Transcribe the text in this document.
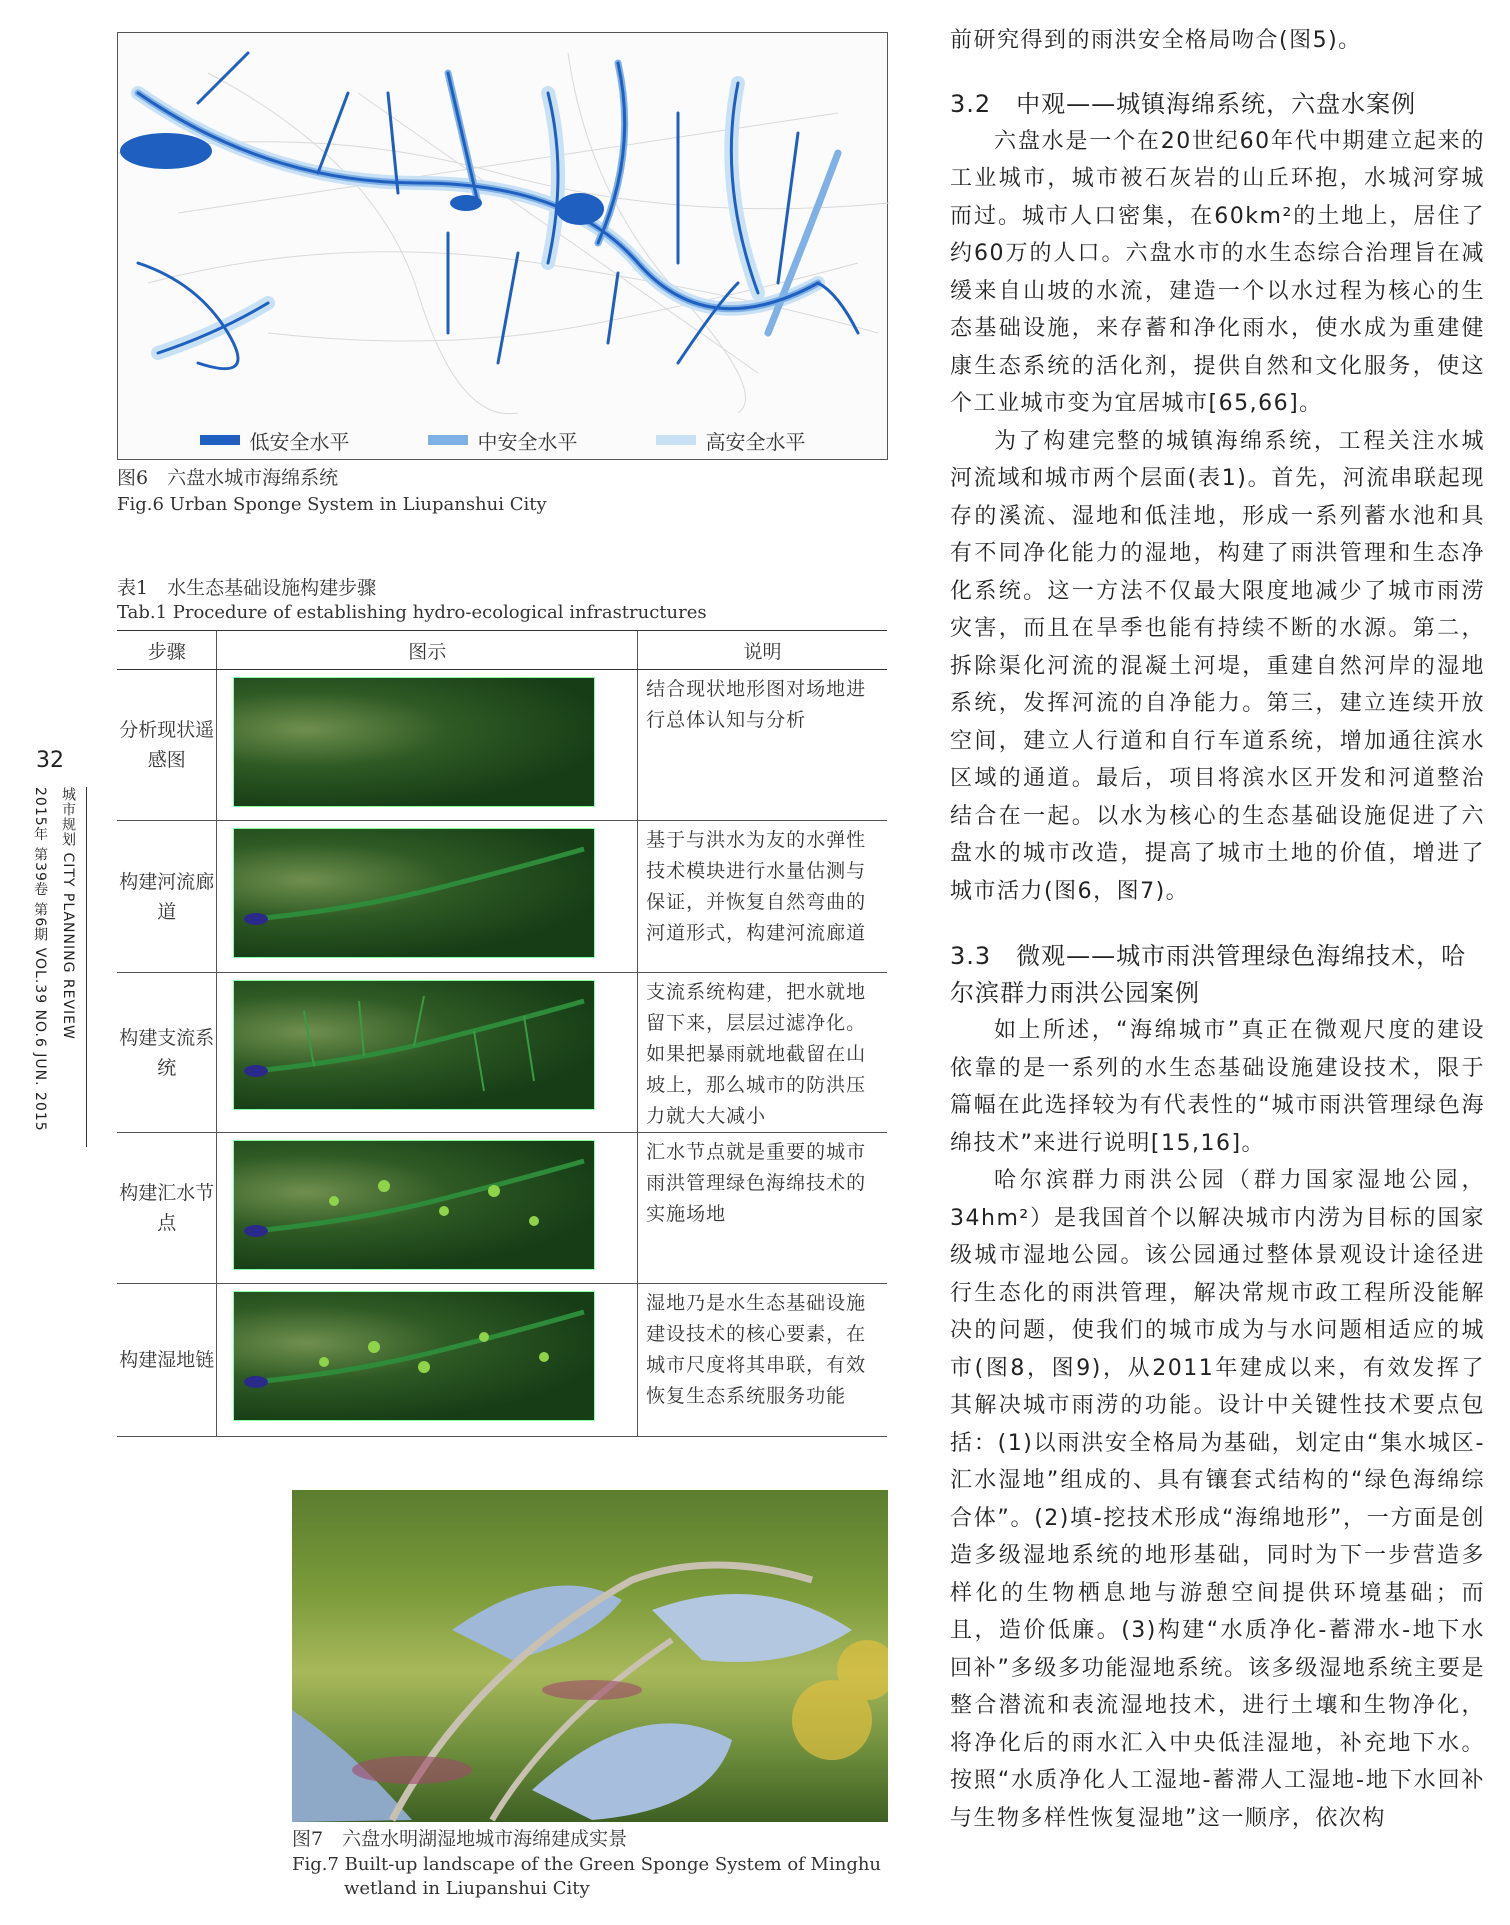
32
城市规划 CITY PLANNING REVIEW
2015年 第39卷 第6期 VOL.39 NO.6 JUN. 2015
低安全水平	中安全水平	高安全水平
图6　六盘水城市海绵系统
Fig.6 Urban Sponge System in Liupanshui City
表1　水生态基础设施构建步骤
Tab.1 Procedure of establishing hydro-ecological infrastructures
步骤	图示	说明
分析现状遥感图		结合现状地形图对场地进行总体认知与分析
构建河流廊道		基于与洪水为友的水弹性技术模块进行水量估测与保证，并恢复自然弯曲的河道形式，构建河流廊道
构建支流系统		支流系统构建，把水就地留下来，层层过滤净化。如果把暴雨就地截留在山坡上，那么城市的防洪压力就大大减小
构建汇水节点		汇水节点就是重要的城市雨洪管理绿色海绵技术的实施场地
构建湿地链		湿地乃是水生态基础设施建设技术的核心要素，在城市尺度将其串联，有效恢复生态系统服务功能
图7　六盘水明湖湿地城市海绵建成实景
Fig.7 Built-up landscape of the Green Sponge System of Minghu
wetland in Liupanshui City

前研究得到的雨洪安全格局吻合(图5)。

3.2　中观——城镇海绵系统，六盘水案例

六盘水是一个在20世纪60年代中期建立起来的工业城市，城市被石灰岩的山丘环抱，水城河穿城而过。城市人口密集，在60km²的土地上，居住了约60万的人口。六盘水市的水生态综合治理旨在减缓来自山坡的水流，建造一个以水过程为核心的生态基础设施，来存蓄和净化雨水，使水成为重建健康生态系统的活化剂，提供自然和文化服务，使这个工业城市变为宜居城市[65,66]。

为了构建完整的城镇海绵系统，工程关注水城河流域和城市两个层面(表1)。首先，河流串联起现存的溪流、湿地和低洼地，形成一系列蓄水池和具有不同净化能力的湿地，构建了雨洪管理和生态净化系统。这一方法不仅最大限度地减少了城市雨涝灾害，而且在旱季也能有持续不断的水源。第二，拆除渠化河流的混凝土河堤，重建自然河岸的湿地系统，发挥河流的自净能力。第三，建立连续开放空间，建立人行道和自行车道系统，增加通往滨水区域的通道。最后，项目将滨水区开发和河道整治结合在一起。以水为核心的生态基础设施促进了六盘水的城市改造，提高了城市土地的价值，增进了城市活力(图6，图7)。

3.3　微观——城市雨洪管理绿色海绵技术，哈尔滨群力雨洪公园案例

如上所述，“海绵城市”真正在微观尺度的建设依靠的是一系列的水生态基础设施建设技术，限于篇幅在此选择较为有代表性的“城市雨洪管理绿色海绵技术”来进行说明[15,16]。

哈尔滨群力雨洪公园（群力国家湿地公园，34hm²）是我国首个以解决城市内涝为目标的国家级城市湿地公园。该公园通过整体景观设计途径进行生态化的雨洪管理，解决常规市政工程所没能解决的问题，使我们的城市成为与水问题相适应的城市(图8，图9)，从2011年建成以来，有效发挥了其解决城市雨涝的功能。设计中关键性技术要点包括：(1)以雨洪安全格局为基础，划定由“集水城区-汇水湿地”组成的、具有镶套式结构的“绿色海绵综合体”。(2)填-挖技术形成“海绵地形”，一方面是创造多级湿地系统的地形基础，同时为下一步营造多样化的生物栖息地与游憩空间提供环境基础；而且，造价低廉。(3)构建“水质净化-蓄滞水-地下水回补”多级多功能湿地系统。该多级湿地系统主要是整合潜流和表流湿地技术，进行土壤和生物净化，将净化后的雨水汇入中央低洼湿地，补充地下水。按照“水质净化人工湿地-蓄滞人工湿地-地下水回补与生物多样性恢复湿地”这一顺序，依次构
